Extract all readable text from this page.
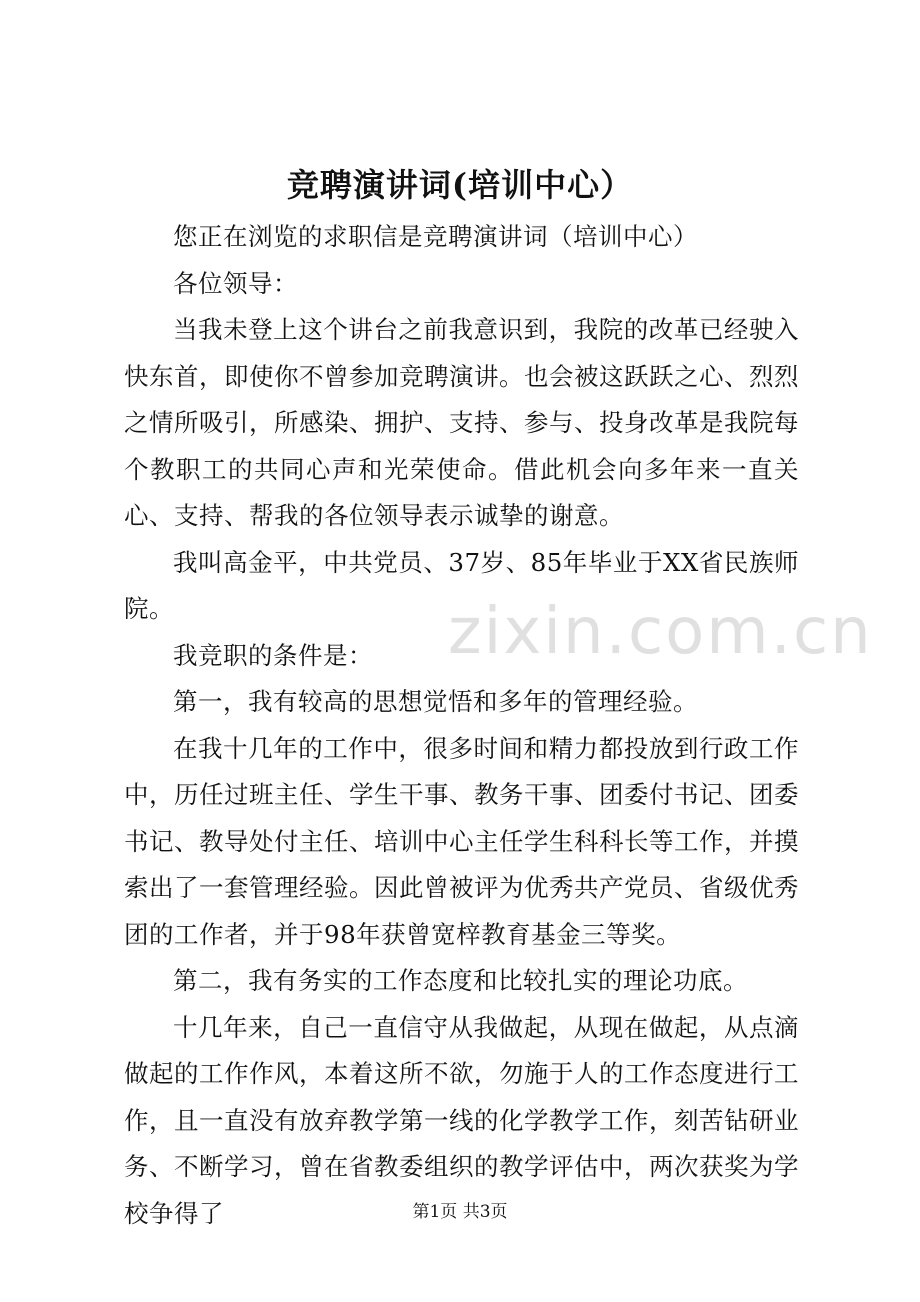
zixin.com.cn
竞聘演讲词(培训中心）

您正在浏览的求职信是竞聘演讲词（培训中心）

各位领导：

当我未登上这个讲台之前我意识到，我院的改革已经驶入快东首，即使你不曾参加竞聘演讲。也会被这跃跃之心、烈烈之情所吸引，所感染、拥护、支持、参与、投身改革是我院每个教职工的共同心声和光荣使命。借此机会向多年来一直关心、支持、帮我的各位领导表示诚挚的谢意。

我叫高金平，中共党员、37岁、85年毕业于XX省民族师院。

我竞职的条件是：

第一，我有较高的思想觉悟和多年的管理经验。

在我十几年的工作中，很多时间和精力都投放到行政工作中，历任过班主任、学生干事、教务干事、团委付书记、团委书记、教导处付主任、培训中心主任学生科科长等工作，并摸索出了一套管理经验。因此曾被评为优秀共产党员、省级优秀团的工作者，并于98年获曾宽梓教育基金三等奖。

第二，我有务实的工作态度和比较扎实的理论功底。

十几年来，自己一直信守从我做起，从现在做起，从点滴做起的工作作风，本着这所不欲，勿施于人的工作态度进行工作，且一直没有放弃教学第一线的化学教学工作，刻苦钻研业务、不断学习，曾在省教委组织的教学评估中，两次获奖为学校争得了	第1页 共3页
